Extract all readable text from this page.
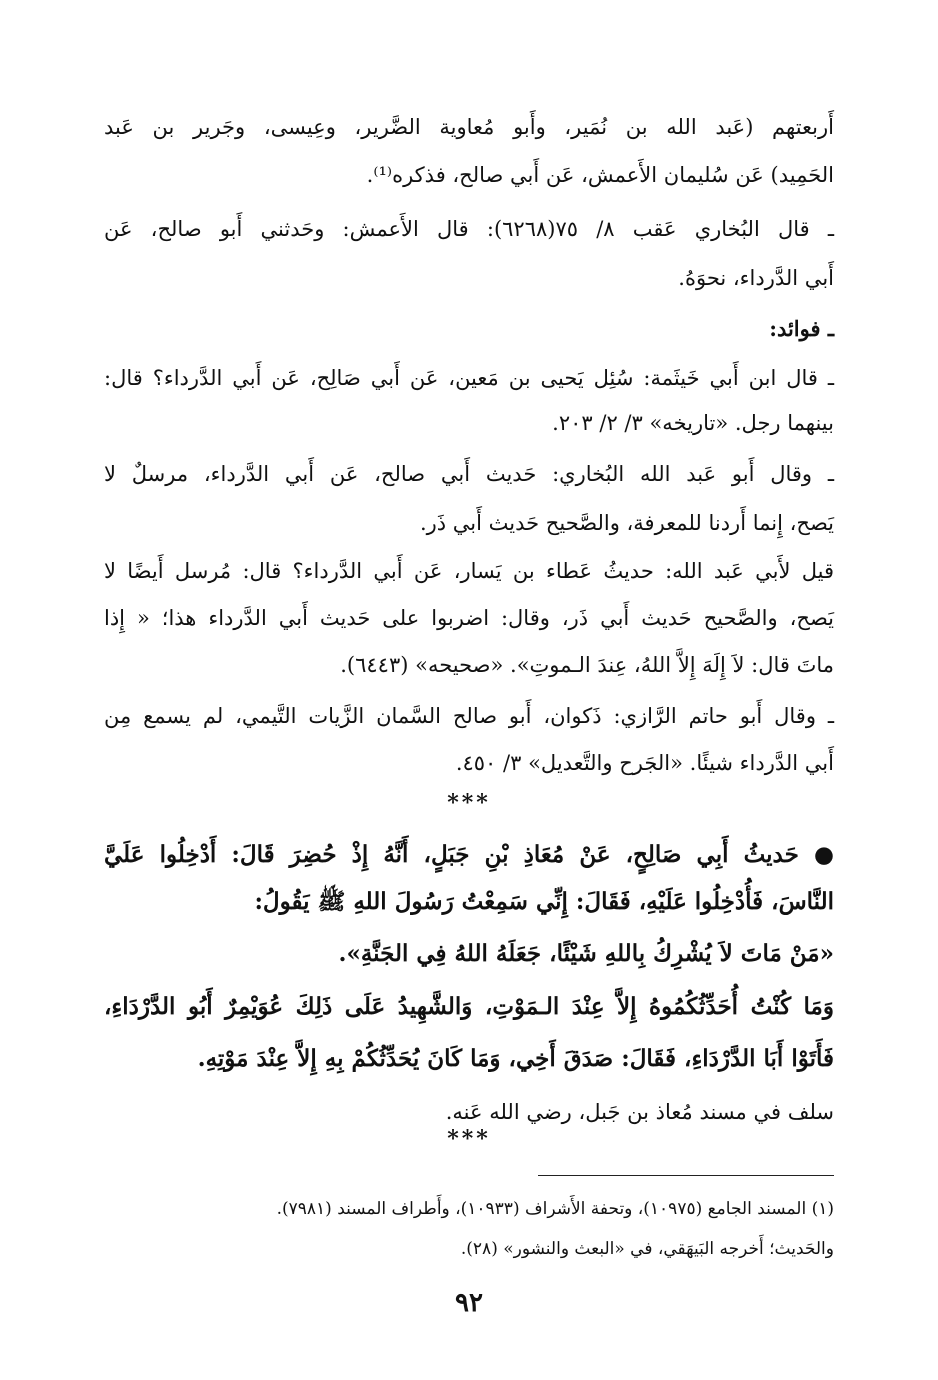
أَربعتهم (عَبد الله بن نُمَير، وأَبو مُعاوية الضَّرير، وعِيسى، وجَرير بن عَبد

الحَمِيد) عَن سُليمان الأَعمش، عَن أَبي صالح، فذكره⁽¹⁾.

ـ قال البُخاري عَقب ٨/ ٧٥(٦٢٦٨): قال الأَعمش: وحَدثني أَبو صالح، عَن

أَبي الدَّرداء، نحوَهُ.

ـ فوائد:

ـ قال ابن أَبي خَيثَمة: سُئِل يَحيى بن مَعين، عَن أَبي صَالِح، عَن أَبي الدَّرداء؟ قال:

بينهما رجل. «تاريخه» ٣/ ٢/ ٢٠٣.

ـ وقال أَبو عَبد الله البُخاري: حَديث أَبي صالح، عَن أَبي الدَّرداء، مرسلٌ لا

يَصح، إِنما أَردنا للمعرفة، والصَّحيح حَديث أَبي ذَر.

قيل لأَبي عَبد الله: حديثُ عَطاء بن يَسار، عَن أَبي الدَّرداء؟ قال: مُرسل أَيضًا لا

يَصح، والصَّحيح حَديث أَبي ذَر، وقال: اضربوا على حَديث أَبي الدَّرداء هذا؛ « إِذا

ماتَ قال: لاَ إِلَهَ إِلاَّ اللهُ، عِندَ الـموتِ». «صحيحه» (٦٤٤٣).

ـ وقال أَبو حاتم الرَّازي: ذَكوان، أَبو صالح السَّمان الزَّيات التَّيمي، لم يسمع مِن

أَبي الدَّرداء شيئًا. «الجَرح والتَّعديل» ٣/ ٤٥٠.

***

● حَديثُ أَبِي صَالِحٍ، عَنْ مُعَاذِ بْنِ جَبَلٍ، أَنَّهُ إِذْ حُضِرَ قَالَ: أَدْخِلُوا عَلَيَّ

النَّاسَ، فَأُدْخِلُوا عَلَيْهِ، فَقَالَ: إِنِّي سَمِعْتُ رَسُولَ اللهِ ﷺ يَقُولُ:

«مَنْ مَاتَ لاَ يُشْرِكُ بِاللهِ شَيْئًا، جَعَلَهُ اللهُ فِي الجَنَّةِ».

وَمَا كُنْتُ أُحَدِّثُكُمُوهُ إِلاَّ عِنْدَ الـمَوْتِ، وَالشَّهِيدُ عَلَى ذَلِكَ عُوَيْمِرٌ أَبُو الدَّرْدَاءِ،

فَأَتَوْا أَبَا الدَّرْدَاءِ، فَقَالَ: صَدَقَ أَخِي، وَمَا كَانَ يُحَدِّثُكُمْ بِهِ إِلاَّ عِنْدَ مَوْتِهِ.

سلف في مسند مُعاذ بن جَبل، رضي الله عَنه.

***

(١) المسند الجامع (١٠٩٧٥)، وتحفة الأَشراف (١٠٩٣٣)، وأَطراف المسند (٧٩٨١).

والحَديث؛ أَخرجه البَيهَقي، في «البعث والنشور» (٢٨).

٩٢
